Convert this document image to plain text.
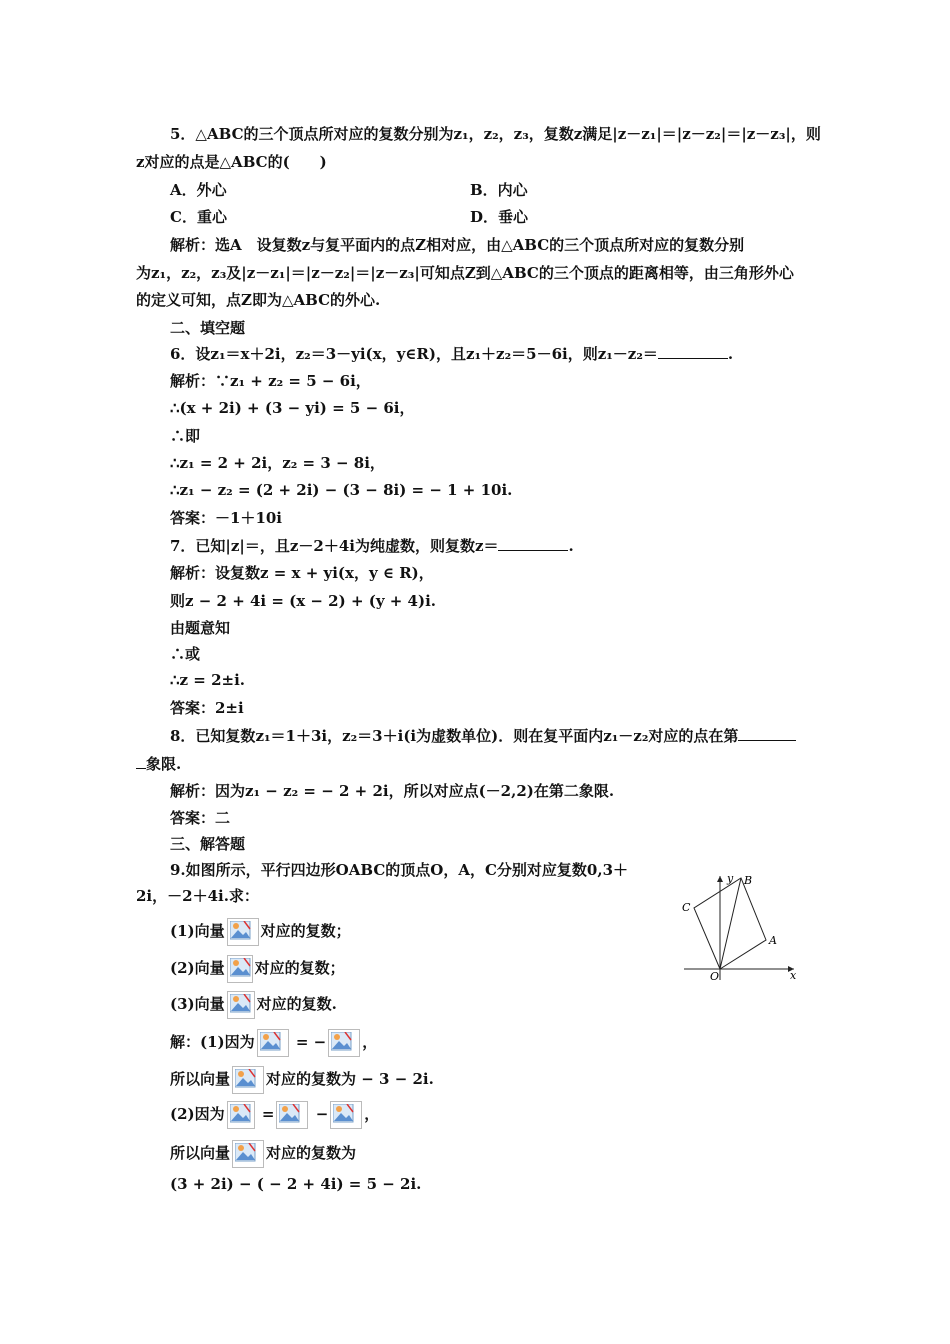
5．△ABC的三个顶点所对应的复数分别为z₁，z₂，z₃，复数z满足|z－z₁|＝|z－z₂|＝|z－z₃|，则
z对应的点是△ABC的(　　)
A．外心	B．内心
C．重心	D．垂心
解析：选A　设复数z与复平面内的点Z相对应，由△ABC的三个顶点所对应的复数分别
为z₁，z₂，z₃及|z－z₁|＝|z－z₂|＝|z－z₃|可知点Z到△ABC的三个顶点的距离相等，由三角形外心
的定义可知，点Z即为△ABC的外心.
二、填空题
6．设z₁＝x＋2i，z₂＝3－yi(x，y∈R)，且z₁＋z₂＝5－6i，则z₁－z₂＝	.
解析：∵z₁ + z₂ = 5 − 6i，
∴(x + 2i) + (3 − yi) = 5 − 6i，
∴即
∴z₁ = 2 + 2i，z₂ = 3 − 8i，
∴z₁ − z₂ = (2 + 2i) − (3 − 8i) = − 1 + 10i.
答案：－1＋10i
7．已知|z|＝，且z－2＋4i为纯虚数，则复数z＝	.
解析：设复数z = x + yi(x，y ∈ R)，
则z − 2 + 4i = (x − 2) + (y + 4)i.
由题意知
∴或
∴z = 2±i.
答案：2±i
8．已知复数z₁＝1＋3i，z₂＝3＋i(i为虚数单位)．则在复平面内z₁－z₂对应的点在第
象限.
解析：因为z₁ − z₂ = − 2 + 2i，所以对应点(－2,2)在第二象限.
答案：二
三、解答题
9.如图所示，平行四边形OABC的顶点O，A，C分别对应复数0,3＋
2i，－2＋4i.求：
(1)向量 对应的复数；
(2)向量 对应的复数；
(3)向量 对应的复数.
解：(1)因为	= − ，
所以向量 对应的复数为 − 3 − 2i.
(2)因为 =	− ，
所以向量 对应的复数为
(3 + 2i) − ( − 2 + 4i) = 5 − 2i.
y
x
O
A
B
C
